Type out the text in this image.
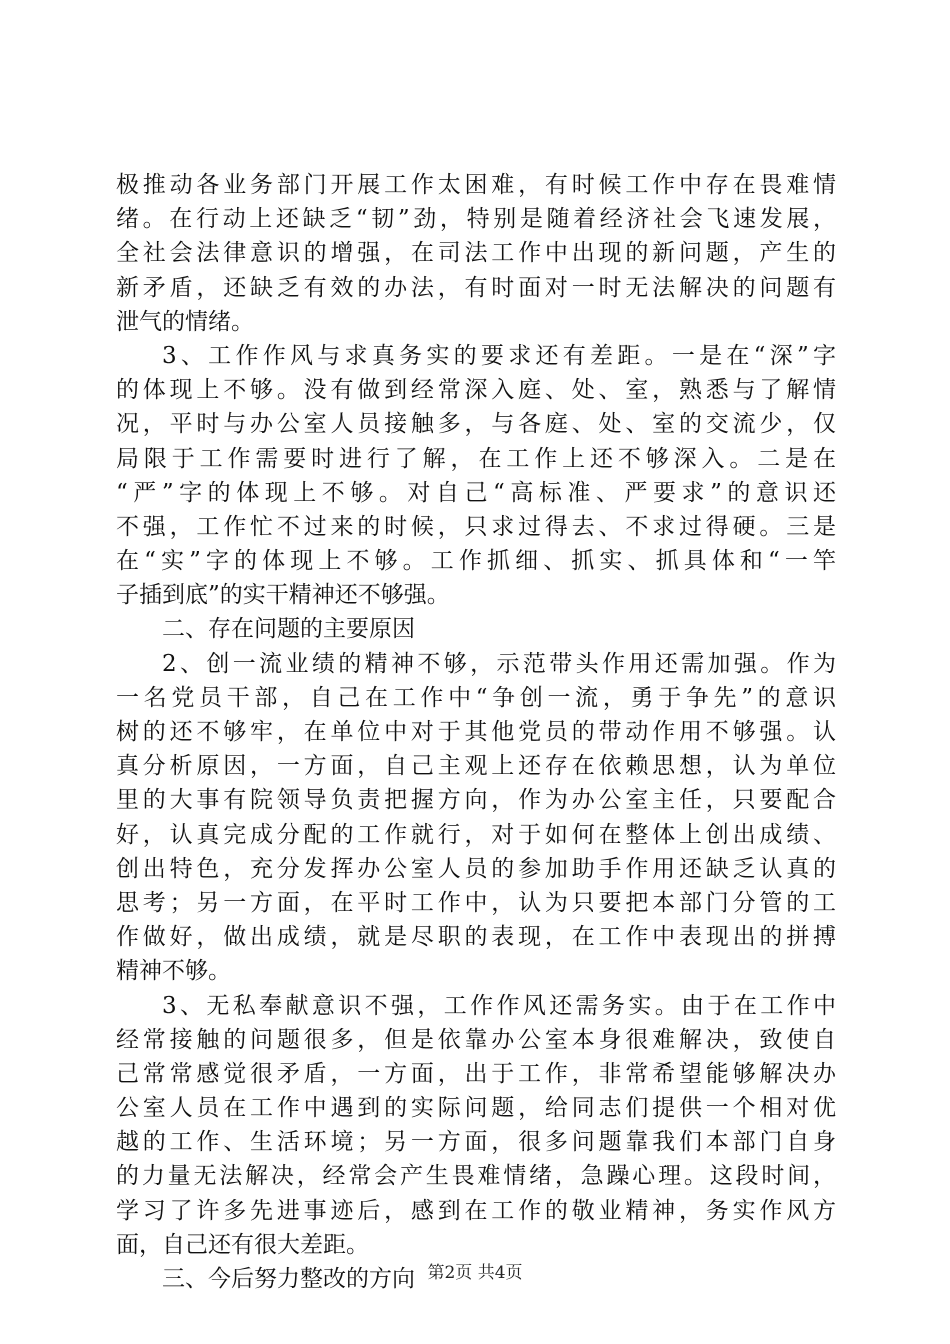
极推动各业务部门开展工作太困难，有时候工作中存在畏难情
绪。在行动上还缺乏“韧”劲，特别是随着经济社会飞速发展，
全社会法律意识的增强，在司法工作中出现的新问题，产生的
新矛盾，还缺乏有效的办法，有时面对一时无法解决的问题有
泄气的情绪。
3、工作作风与求真务实的要求还有差距。一是在“深”字
的体现上不够。没有做到经常深入庭、处、室，熟悉与了解情
况，平时与办公室人员接触多，与各庭、处、室的交流少，仅
局限于工作需要时进行了解，在工作上还不够深入。二是在
“严”字的体现上不够。对自己“高标准、严要求”的意识还
不强，工作忙不过来的时候，只求过得去、不求过得硬。三是
在“实”字的体现上不够。工作抓细、抓实、抓具体和“一竿
子插到底”的实干精神还不够强。
二、存在问题的主要原因
2、创一流业绩的精神不够，示范带头作用还需加强。作为
一名党员干部，自己在工作中“争创一流，勇于争先”的意识
树的还不够牢，在单位中对于其他党员的带动作用不够强。认
真分析原因，一方面，自己主观上还存在依赖思想，认为单位
里的大事有院领导负责把握方向，作为办公室主任，只要配合
好，认真完成分配的工作就行，对于如何在整体上创出成绩、
创出特色，充分发挥办公室人员的参加助手作用还缺乏认真的
思考；另一方面，在平时工作中，认为只要把本部门分管的工
作做好，做出成绩，就是尽职的表现，在工作中表现出的拼搏
精神不够。
3、无私奉献意识不强，工作作风还需务实。由于在工作中
经常接触的问题很多，但是依靠办公室本身很难解决，致使自
己常常感觉很矛盾，一方面，出于工作，非常希望能够解决办
公室人员在工作中遇到的实际问题，给同志们提供一个相对优
越的工作、生活环境；另一方面，很多问题靠我们本部门自身
的力量无法解决，经常会产生畏难情绪，急躁心理。这段时间，
学习了许多先进事迹后，感到在工作的敬业精神，务实作风方
面，自己还有很大差距。
三、今后努力整改的方向 第2页 共4页
